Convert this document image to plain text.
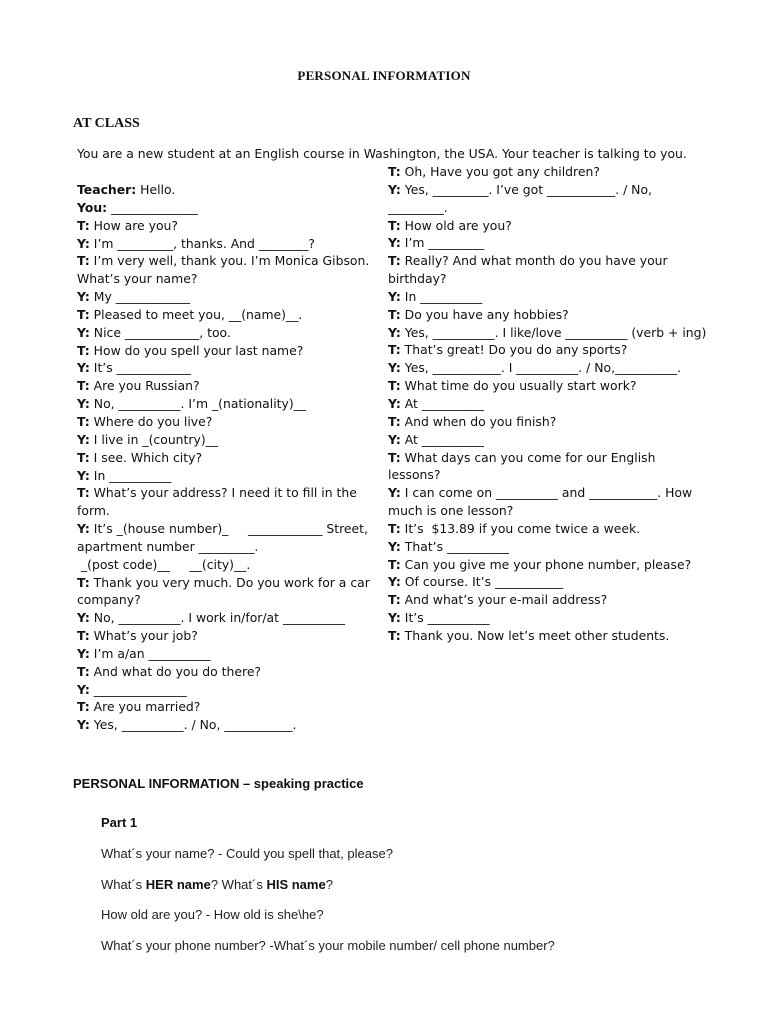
PERSONAL INFORMATION
AT CLASS
You are a new student at an English course in Washington, the USA. Your teacher is talking to you.
Teacher: Hello.
You: ______________
T: How are you?
Y: I’m _________, thanks. And ________?
T: I’m very well, thank you. I’m Monica Gibson. What’s your name?
Y: My ____________
T: Pleased to meet you, __(name)__.
Y: Nice ____________, too.
T: How do you spell your last name?
Y: It’s ____________
T: Are you Russian?
Y: No, __________. I’m _(nationality)__
T: Where do you live?
Y: I live in _(country)__
T: I see. Which city?
Y: In __________
T: What’s your address? I need it to fill in the form.
Y: It’s _(house number)_     ____________ Street,  apartment number _________.
_(post code)__     __(city)__.
T: Thank you very much. Do you work for a car company?
Y: No, __________. I work in/for/at __________
T: What’s your job?
Y: I’m a/an __________
T: And what do you do there?
Y: _______________
T: Are you married?
Y: Yes, __________. / No, ___________.
T: Oh, Have you got any children?
Y: Yes, _________. I’ve got ___________. / No, _________.
T: How old are you?
Y: I’m _________
T: Really? And what month do you have your birthday?
Y: In __________
T: Do you have any hobbies?
Y: Yes, __________. I like/love __________ (verb + ing)
T: That’s great! Do you do any sports?
Y: Yes, ___________. I __________. / No,__________.
T: What time do you usually start work?
Y: At __________
T: And when do you finish?
Y: At __________
T: What days can you come for our English lessons?
Y: I can come on __________ and ___________. How much is one lesson?
T: It’s  $13.89 if you come twice a week.
Y: That’s __________
T: Can you give me your phone number, please?
Y: Of course. It’s ___________
T: And what’s your e-mail address?
Y: It’s __________
T: Thank you. Now let’s meet other students.
PERSONAL INFORMATION – speaking practice
Part 1
What´s your name? - Could you spell that, please?
What´s HER name? What´s HIS name?
How old are you? - How old is she\he?
What´s your phone number? -What´s your mobile number/ cell phone number?
